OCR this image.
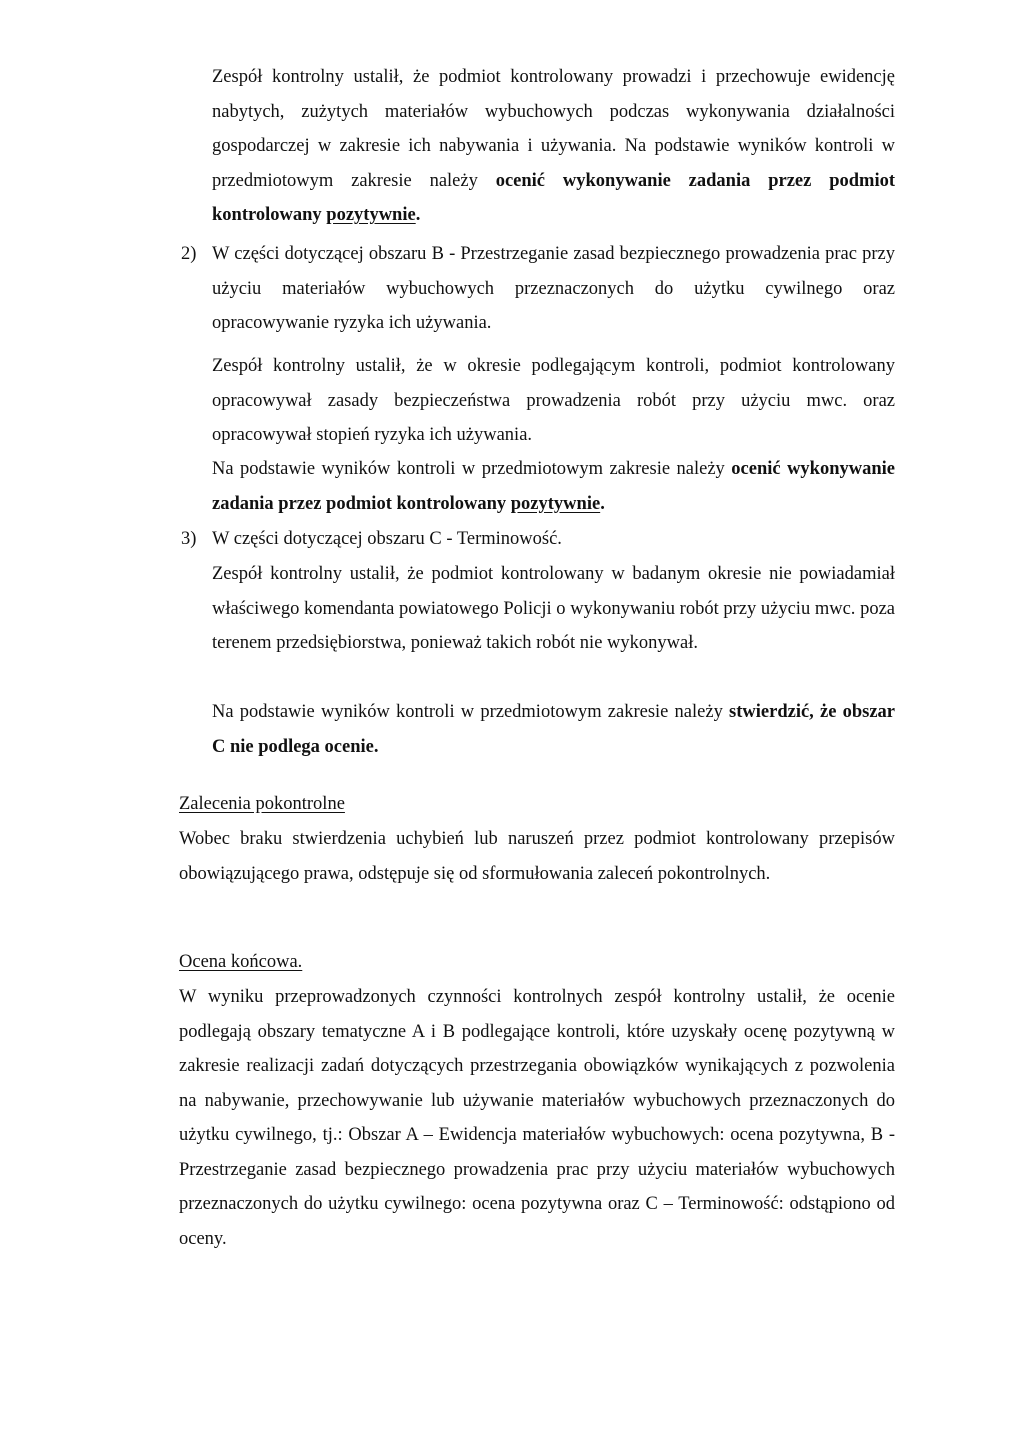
Zespół kontrolny ustalił, że podmiot kontrolowany prowadzi i przechowuje ewidencję nabytych, zużytych materiałów wybuchowych podczas wykonywania działalności gospodarczej w zakresie ich nabywania i używania. Na podstawie wyników kontroli w przedmiotowym zakresie należy ocenić wykonywanie zadania przez podmiot kontrolowany pozytywnie.

2) W części dotyczącej obszaru B - Przestrzeganie zasad bezpiecznego prowadzenia prac przy użyciu materiałów wybuchowych przeznaczonych do użytku cywilnego oraz opracowywanie ryzyka ich używania.

Zespół kontrolny ustalił, że w okresie podlegającym kontroli, podmiot kontrolowany opracowywał zasady bezpieczeństwa prowadzenia robót przy użyciu mwc. oraz opracowywał stopień ryzyka ich używania.

Na podstawie wyników kontroli w przedmiotowym zakresie należy ocenić wykonywanie zadania przez podmiot kontrolowany pozytywnie.

3) W części dotyczącej obszaru C - Terminowość.

Zespół kontrolny ustalił, że podmiot kontrolowany w badanym okresie nie powiadamiał właściwego komendanta powiatowego Policji o wykonywaniu robót przy użyciu mwc. poza terenem przedsiębiorstwa, ponieważ takich robót nie wykonywał.

Na podstawie wyników kontroli w przedmiotowym zakresie należy stwierdzić, że obszar C nie podlega ocenie.

Zalecenia pokontrolne

Wobec braku stwierdzenia uchybień lub naruszeń przez podmiot kontrolowany przepisów obowiązującego prawa, odstępuje się od sformułowania zaleceń pokontrolnych.

Ocena końcowa.

W wyniku przeprowadzonych czynności kontrolnych zespół kontrolny ustalił, że ocenie podlegają obszary tematyczne A i B podlegające kontroli, które uzyskały ocenę pozytywną w zakresie realizacji zadań dotyczących przestrzegania obowiązków wynikających z pozwolenia na nabywanie, przechowywanie lub używanie materiałów wybuchowych przeznaczonych do użytku cywilnego, tj.: Obszar A – Ewidencja materiałów wybuchowych: ocena pozytywna, B - Przestrzeganie zasad bezpiecznego prowadzenia prac przy użyciu materiałów wybuchowych przeznaczonych do użytku cywilnego: ocena pozytywna oraz C – Terminowość: odstąpiono od oceny.
